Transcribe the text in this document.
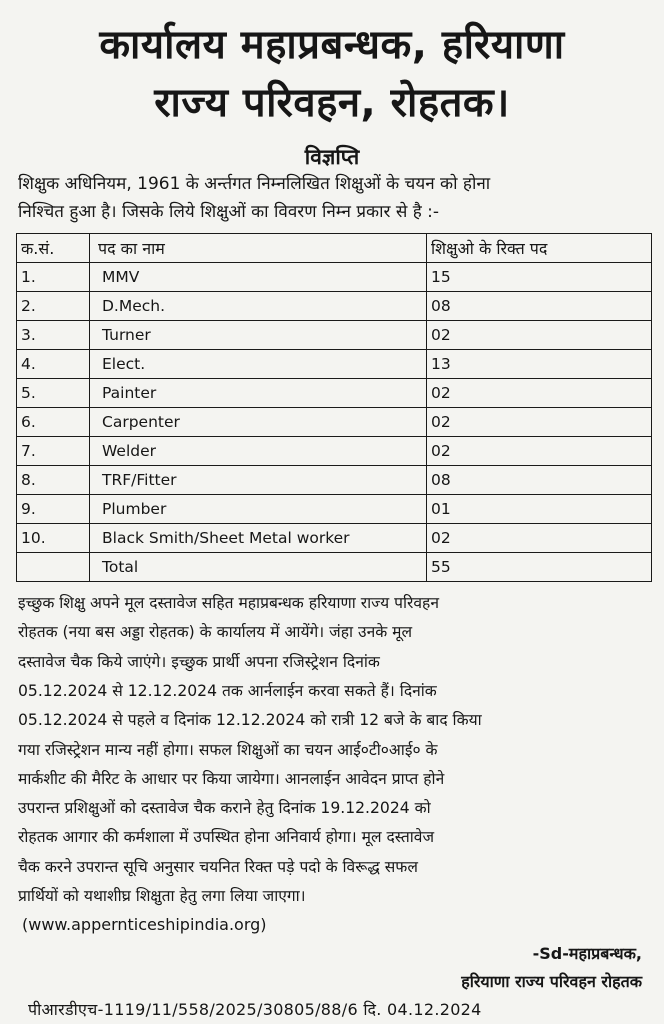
कार्यालय महाप्रबन्धक, हरियाणा
राज्य परिवहन, रोहतक।
विज्ञप्ति
शिक्षुक अधिनियम, 1961 के अर्न्तगत निम्नलिखित शिक्षुओं के चयन को होना
निश्चित हुआ है। जिसके लिये शिक्षुओं का विवरण निम्न प्रकार से है :-
क.सं.	पद का नाम	शिक्षुओ के रिक्त पद
1.	MMV	15
2.	D.Mech.	08
3.	Turner	02
4.	Elect.	13
5.	Painter	02
6.	Carpenter	02
7.	Welder	02
8.	TRF/Fitter	08
9.	Plumber	01
10.	Black Smith/Sheet Metal worker	02
	Total	55
इच्छुक शिक्षु अपने मूल दस्तावेज सहित महाप्रबन्धक हरियाणा राज्य परिवहन
रोहतक (नया बस अड्डा रोहतक) के कार्यालय में आयेंगे। जंहा उनके मूल
दस्तावेज चैक किये जाएंगे। इच्छुक प्रार्थी अपना रजिस्ट्रेशन दिनांक
05.12.2024 से 12.12.2024 तक आर्नलाईन करवा सकते हैं। दिनांक
05.12.2024 से पहले व दिनांक 12.12.2024 को रात्री 12 बजे के बाद किया
गया रजिस्ट्रेशन मान्य नहीं होगा। सफल शिक्षुओं का चयन आई०टी०आई० के
मार्कशीट की मैरिट के आधार पर किया जायेगा। आनलाईन आवेदन प्राप्त होने
उपरान्त प्रशिक्षुओं को दस्तावेज चैक कराने हेतु दिनांक 19.12.2024 को
रोहतक आगार की कर्मशाला में उपस्थित होना अनिवार्य होगा। मूल दस्तावेज
चैक करने उपरान्त सूचि अनुसार चयनित रिक्त पड़े पदो के विरूद्ध सफल
प्रार्थियों को यथाशीघ्र शिक्षुता हेतु लगा लिया जाएगा।
(www.appernticeshipindia.org)
-Sd-महाप्रबन्धक,
हरियाणा राज्य परिवहन रोहतक
पीआरडीएच-1119/11/558/2025/30805/88/6 दि. 04.12.2024
